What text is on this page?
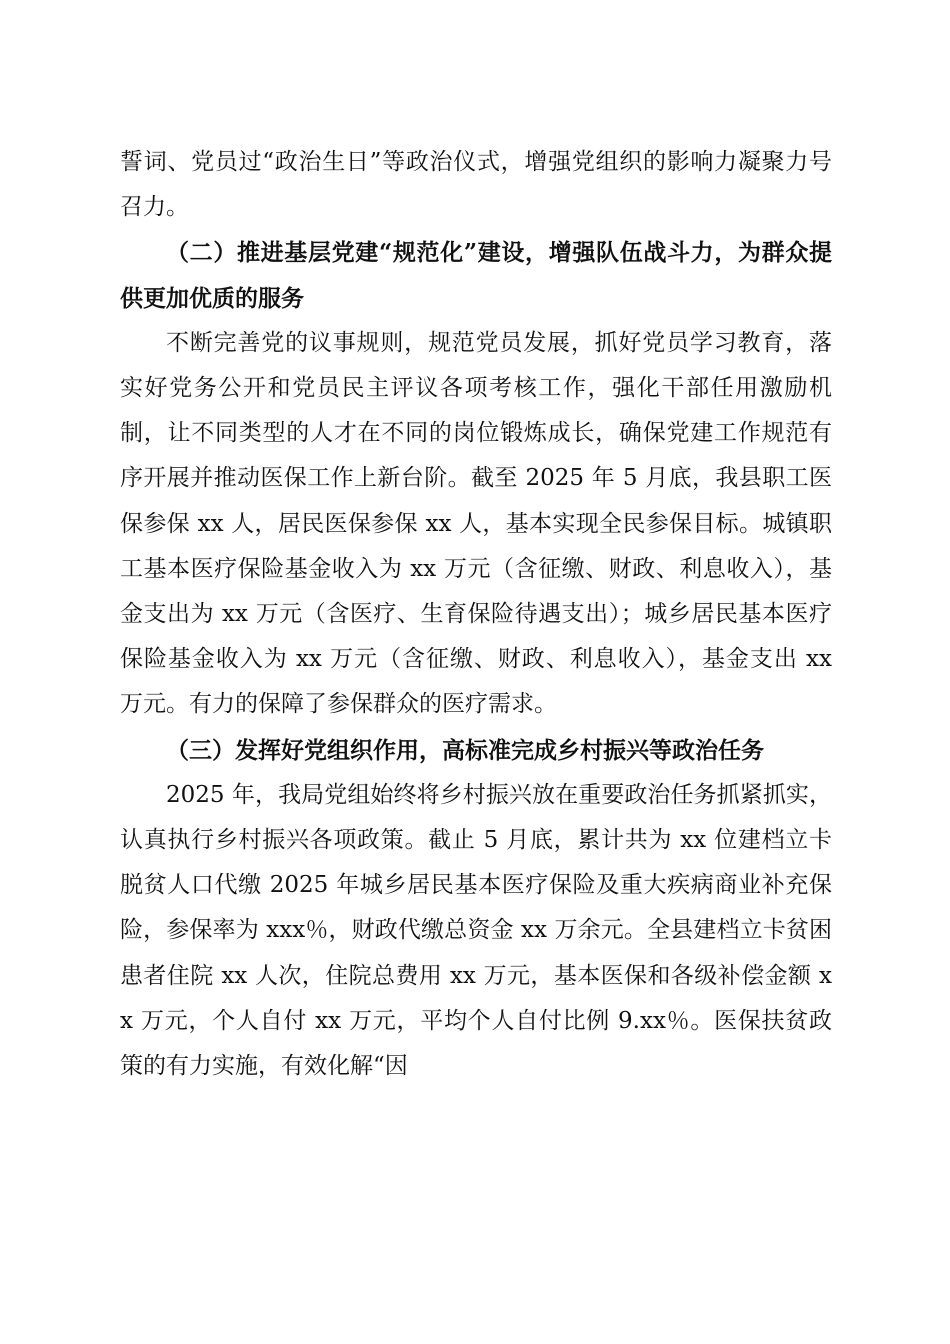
誓词、党员过“政治生日”等政治仪式，增强党组织的影响力凝聚力号召力。

（二）推进基层党建“规范化”建设，增强队伍战斗力，为群众提供更加优质的服务

不断完善党的议事规则，规范党员发展，抓好党员学习教育，落实好党务公开和党员民主评议各项考核工作，强化干部任用激励机制，让不同类型的人才在不同的岗位锻炼成长，确保党建工作规范有序开展并推动医保工作上新台阶。截至 2025 年 5 月底，我县职工医保参保 xx 人，居民医保参保 xx 人，基本实现全民参保目标。城镇职工基本医疗保险基金收入为 xx 万元（含征缴、财政、利息收入），基金支出为 xx 万元（含医疗、生育保险待遇支出）；城乡居民基本医疗保险基金收入为 xx 万元（含征缴、财政、利息收入），基金支出 xx 万元。有力的保障了参保群众的医疗需求。

（三）发挥好党组织作用，高标准完成乡村振兴等政治任务

2025 年，我局党组始终将乡村振兴放在重要政治任务抓紧抓实，认真执行乡村振兴各项政策。截止 5 月底，累计共为 xx 位建档立卡脱贫人口代缴 2025 年城乡居民基本医疗保险及重大疾病商业补充保险，参保率为 xxx％，财政代缴总资金 xx 万余元。全县建档立卡贫困患者住院 xx 人次，住院总费用 xx 万元，基本医保和各级补偿金额 xx 万元，个人自付 xx 万元，平均个人自付比例 9.xx％。医保扶贫政策的有力实施，有效化解“因
